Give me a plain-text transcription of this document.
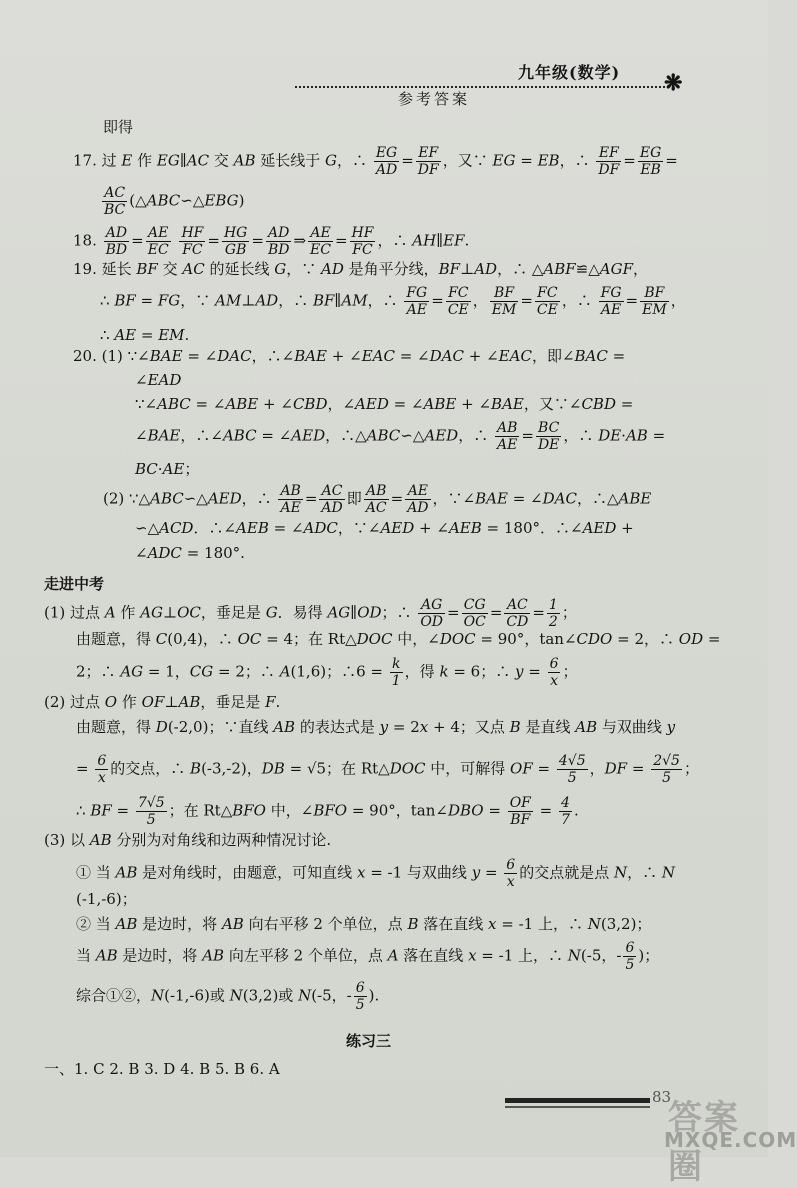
九年级(数学) ❋
参考答案
即得
17. 过 E 作 EG∥AC 交 AB 延长线于 G，∴ $\frac{EG}{AD} = \frac{EF}{DF}$ ，又∵ EG = EB，∴ $\frac{EF}{DF} = \frac{EG}{EB}$ =
$\frac{AC}{BC}$ (△ABC∽△EBG)
18. $\frac{AD}{BD} = \frac{AE}{EC}$
$\frac{HF}{FC} = \frac{HG}{GB} = \frac{AD}{BD}$ ⇒ $\frac{AE}{EC} = \frac{HF}{FC}$ ，∴ AH∥EF.
19. 延长 BF 交 AC 的延长线 G，∵ AD 是角平分线，BF⊥AD，∴ △ABF≌△AGF，
∴ BF = FG，∵ AM⊥AD，∴ BF∥AM，∴ $\frac{FG}{AE} = \frac{FC}{CE}$ ， $\frac{BF}{EM} = \frac{FC}{CE}$ ，∴ $\frac{FG}{AE} = \frac{BF}{EM}$ ，
∴ AE = EM.
20. (1) ∵∠BAE = ∠DAC，∴∠BAE + ∠EAC = ∠DAC + ∠EAC，即∠BAC =
∠EAD
∵∠ABC = ∠ABE + ∠CBD，∠AED = ∠ABE + ∠BAE，又∵∠CBD =
∠BAE，∴∠ABC = ∠AED，∴△ABC∽△AED，∴ $\frac{AB}{AE} = \frac{BC}{DE}$ ，∴ DE·AB =
BC·AE；
(2) ∵△ABC∽△AED，∴ $\frac{AB}{AE} = \frac{AC}{AD}$ 即 $\frac{AB}{AC} = \frac{AE}{AD}$ ，∵∠BAE = ∠DAC，∴△ABE
∽△ACD．∴∠AEB = ∠ADC，∵∠AED + ∠AEB = 180°．∴∠AED +
∠ADC = 180°.
走进中考
(1) 过点 A 作 AG⊥OC，垂足是 G．易得 AG∥OD；∴ $\frac{AG}{OD} = \frac{CG}{OC} = \frac{AC}{CD} = \frac{1}{2}$ ；
由题意，得 C(0,4)，∴ OC = 4；在 Rt△DOC 中，∠DOC = 90°，tan∠CDO = 2，∴ OD =
2；∴ AG = 1，CG = 2；∴ A(1,6)；∴6 = $\frac{k}{1}$ ，得 k = 6；∴ $y = \frac{6}{x}$ ；
(2) 过点 O 作 OF⊥AB，垂足是 F.
由题意，得 D(-2,0)；∵直线 AB 的表达式是 y = 2x + 4；又点 B 是直线 AB 与双曲线 y
= $\frac{6}{x}$ 的交点，∴ B(-3,-2)，DB = √5；在 Rt△DOC 中，可解得 OF = $\frac{4√5}{5}$ ，DF = $\frac{2√5}{5}$ ；
∴ BF = $\frac{7√5}{5}$ ；在 Rt△BFO 中，∠BFO = 90°，tan∠DBO = $\frac{OF}{BF} = \frac{4}{7}$ .
(3) 以 AB 分别为对角线和边两种情况讨论.
① 当 AB 是对角线时，由题意，可知直线 x = -1 与双曲线 $y = \frac{6}{x}$ 的交点就是点 N，∴ N
(-1,-6)；
② 当 AB 是边时，将 AB 向右平移 2 个单位，点 B 落在直线 x = -1 上，∴ N(3,2)；
当 AB 是边时，将 AB 向左平移 2 个单位，点 A 落在直线 x = -1 上，∴ N(-5，- $\frac{6}{5}$ )；
综合①②，N(-1,-6)或 N(3,2)或 N(-5，- $\frac{6}{5}$ ).
练习三
一、1. C 2. B 3. D 4. B 5. B 6. A
83
答案圈
MXQE.COM
